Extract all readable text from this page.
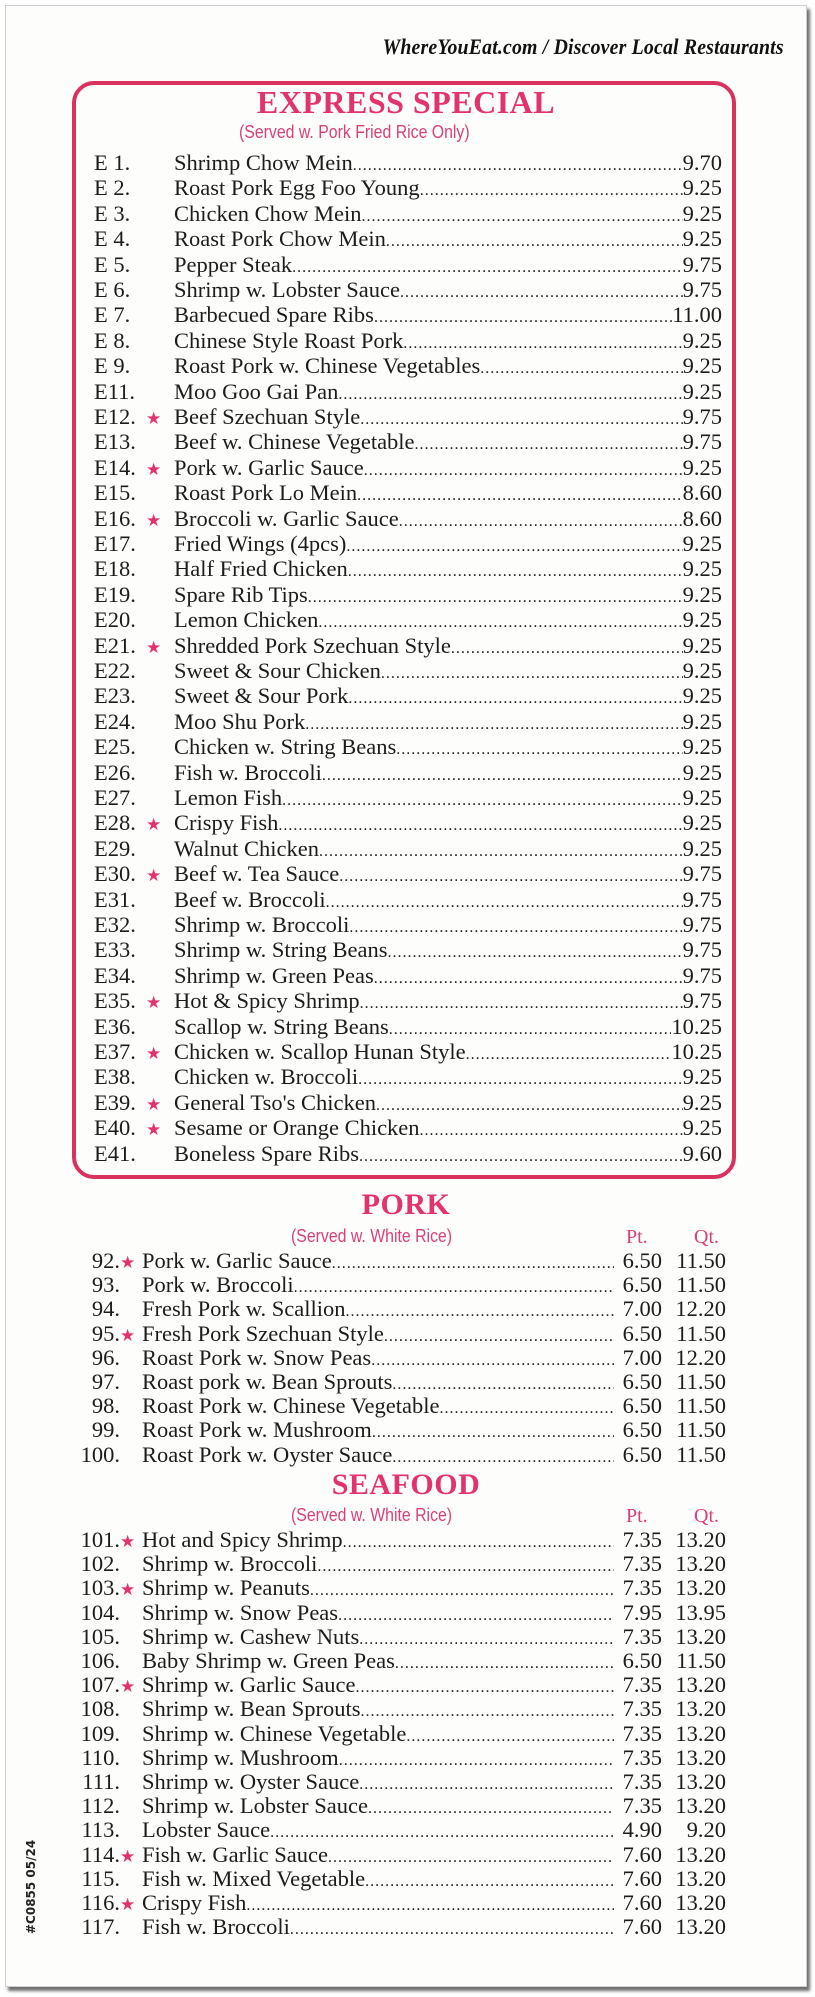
WhereYouEat.com / Discover Local Restaurants
EXPRESS SPECIAL
(Served w. Pork Fried Rice Only)
E 1.	Shrimp Chow Mein .....	9.70
E 2.	Roast Pork Egg Foo Young .....	9.25
E 3.	Chicken Chow Mein .....	9.25
E 4.	Roast Pork Chow Mein .....	9.25
E 5.	Pepper Steak .....	9.75
E 6.	Shrimp w. Lobster Sauce .....	9.75
E 7.	Barbecued Spare Ribs .....	11.00
E 8.	Chinese Style Roast Pork .....	9.25
E 9.	Roast Pork w. Chinese Vegetables .....	9.25
E11.	Moo Goo Gai Pan .....	9.25
E12. ★ Beef Szechuan Style .....	9.75
E13.	Beef w. Chinese Vegetable .....	9.75
E14. ★ Pork w. Garlic Sauce .....	9.25
E15.	Roast Pork Lo Mein .....	8.60
E16. ★ Broccoli w. Garlic Sauce .....	8.60
E17.	Fried Wings (4pcs) .....	9.25
E18.	Half Fried Chicken .....	9.25
E19.	Spare Rib Tips .....	9.25
E20.	Lemon Chicken .....	9.25
E21. ★ Shredded Pork Szechuan Style .....	9.25
E22.	Sweet & Sour Chicken .....	9.25
E23.	Sweet & Sour Pork .....	9.25
E24.	Moo Shu Pork .....	9.25
E25.	Chicken w. String Beans .....	9.25
E26.	Fish w. Broccoli .....	9.25
E27.	Lemon Fish .....	9.25
E28. ★ Crispy Fish .....	9.25
E29.	Walnut Chicken .....	9.25
E30. ★ Beef w. Tea Sauce .....	9.75
E31.	Beef w. Broccoli .....	9.75
E32.	Shrimp w. Broccoli .....	9.75
E33.	Shrimp w. String Beans .....	9.75
E34.	Shrimp w. Green Peas .....	9.75
E35. ★ Hot & Spicy Shrimp .....	9.75
E36.	Scallop w. String Beans .....	10.25
E37. ★ Chicken w. Scallop Hunan Style .....	10.25
E38.	Chicken w. Broccoli .....	9.25
E39. ★ General Tso's Chicken .....	9.25
E40. ★ Sesame or Orange Chicken .....	9.25
E41.	Boneless Spare Ribs .....	9.60
PORK
(Served w. White Rice)	Pt. Qt.
92. ★ Pork w. Garlic Sauce .....	6.50 11.50
93. Pork w. Broccoli .....	6.50 11.50
94. Fresh Pork w. Scallion .....	7.00 12.20
95. ★ Fresh Pork Szechuan Style .....	6.50 11.50
96. Roast Pork w. Snow Peas .....	7.00 12.20
97. Roast pork w. Bean Sprouts .....	6.50 11.50
98. Roast Pork w. Chinese Vegetable .....	6.50 11.50
99. Roast Pork w. Mushroom .....	6.50 11.50
100. Roast Pork w. Oyster Sauce .....	6.50 11.50
SEAFOOD
(Served w. White Rice)	Pt. Qt.
101. ★ Hot and Spicy Shrimp .....	7.35 13.20
102. Shrimp w. Broccoli .....	7.35 13.20
103. ★ Shrimp w. Peanuts .....	7.35 13.20
104. Shrimp w. Snow Peas .....	7.95 13.95
105. Shrimp w. Cashew Nuts .....	7.35 13.20
106. Baby Shrimp w. Green Peas .....	6.50 11.50
107. ★ Shrimp w. Garlic Sauce .....	7.35 13.20
108. Shrimp w. Bean Sprouts .....	7.35 13.20
109. Shrimp w. Chinese Vegetable .....	7.35 13.20
110. Shrimp w. Mushroom .....	7.35 13.20
111. Shrimp w. Oyster Sauce .....	7.35 13.20
112. Shrimp w. Lobster Sauce .....	7.35 13.20
113. Lobster Sauce .....	4.90	9.20
114. ★ Fish w. Garlic Sauce .....	7.60 13.20
115. Fish w. Mixed Vegetable .....	7.60 13.20
116. ★ Crispy Fish .....	7.60 13.20
117. Fish w. Broccoli .....	7.60 13.20
#C0855 05/24
